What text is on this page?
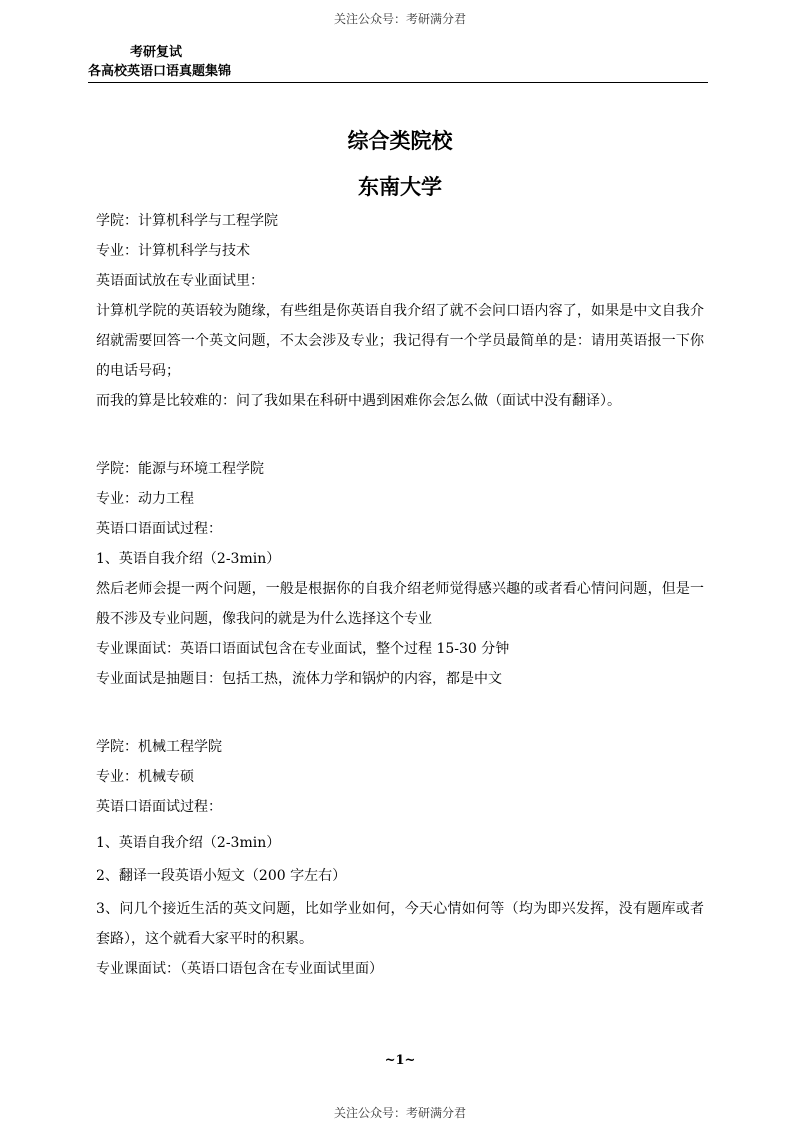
关注公众号：考研满分君
考研复试
各高校英语口语真题集锦
综合类院校
东南大学
学院：计算机科学与工程学院
专业：计算机科学与技术
英语面试放在专业面试里：
计算机学院的英语较为随缘，有些组是你英语自我介绍了就不会问口语内容了，如果是中文自我介绍就需要回答一个英文问题，不太会涉及专业；我记得有一个学员最简单的是：请用英语报一下你的电话号码；
而我的算是比较难的：问了我如果在科研中遇到困难你会怎么做（面试中没有翻译）。
学院：能源与环境工程学院
专业：动力工程
英语口语面试过程：
1、英语自我介绍（2-3min）
然后老师会提一两个问题，一般是根据你的自我介绍老师觉得感兴趣的或者看心情问问题，但是一般不涉及专业问题，像我问的就是为什么选择这个专业
专业课面试：英语口语面试包含在专业面试，整个过程 15-30 分钟
专业面试是抽题目：包括工热，流体力学和锅炉的内容，都是中文
学院：机械工程学院
专业：机械专硕
英语口语面试过程：
1、英语自我介绍（2-3min）
2、翻译一段英语小短文（200 字左右）
3、问几个接近生活的英文问题，比如学业如何，今天心情如何等（均为即兴发挥，没有题库或者套路），这个就看大家平时的积累。
专业课面试：（英语口语包含在专业面试里面）
~1~
关注公众号：考研满分君
